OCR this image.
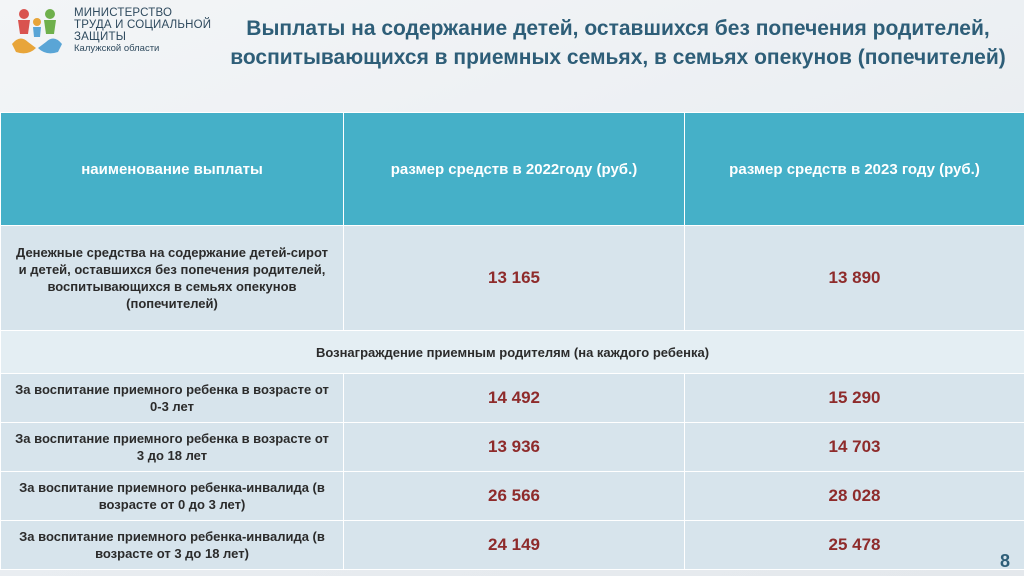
МИНИСТЕРСТВО
ТРУДА И СОЦИАЛЬНОЙ
ЗАЩИТЫ
Калужской области
Выплаты на содержание детей, оставшихся без попечения родителей, воспитывающихся в приемных семьях, в семьях опекунов (попечителей)
наименование выплаты	размер средств в 2022году (руб.)	размер средств в 2023 году (руб.)
Денежные средства на содержание детей-сирот и детей, оставшихся без попечения родителей, воспитывающихся в семьях опекунов (попечителей)	13 165	13 890
Вознаграждение приемным родителям (на каждого ребенка)		
За воспитание приемного ребенка в возрасте от 0-3 лет	14 492	15 290
За воспитание приемного ребенка в возрасте от 3 до 18 лет	13 936	14 703
За воспитание приемного ребенка-инвалида (в возрасте от 0 до 3 лет)	26 566	28 028
За воспитание приемного ребенка-инвалида (в возрасте от 3 до 18 лет)	24 149	25 478
8
